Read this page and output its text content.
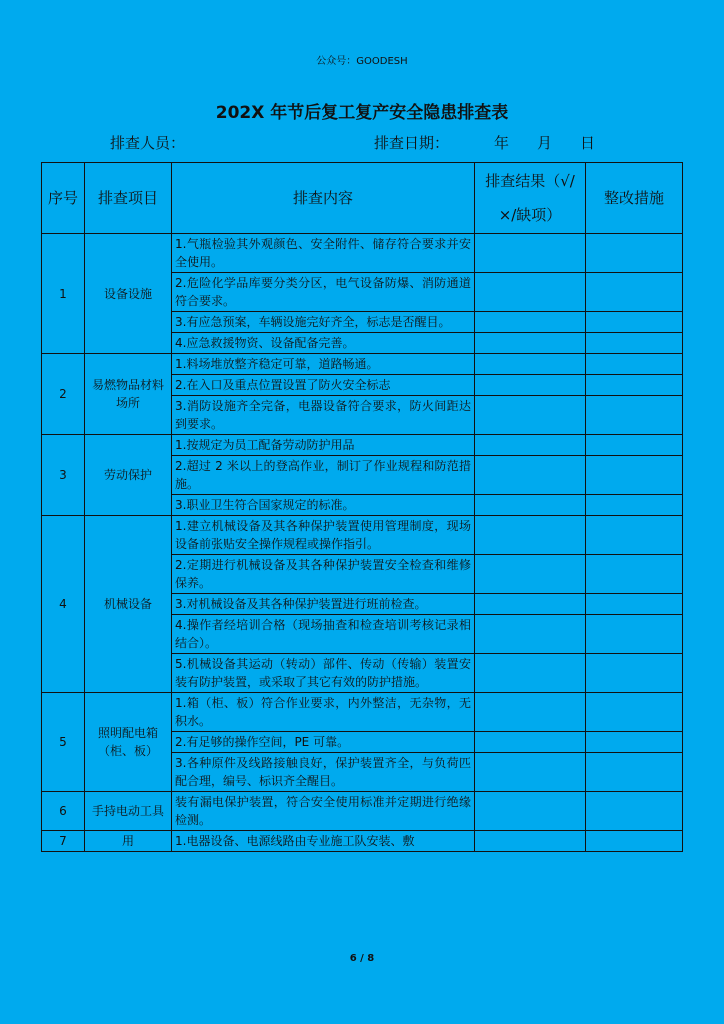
公众号：GOODESH
202X 年节后复工复产安全隐患排查表
排查人员：	排查日期：	年 月 日
序号	排查项目	排查内容	排查结果（√/×/缺项）	整改措施
1	设备设施	1.气瓶检验其外观颜色、安全附件、储存符合要求并安全使用。		
		2.危险化学品库要分类分区，电气设备防爆、消防通道符合要求。		
		3.有应急预案，车辆设施完好齐全，标志是否醒目。		
		4.应急救援物资、设备配备完善。		
2	易燃物品材料场所	1.料场堆放整齐稳定可靠，道路畅通。		
		2.在入口及重点位置设置了防火安全标志		
		3.消防设施齐全完备，电器设备符合要求，防火间距达到要求。		
3	劳动保护	1.按规定为员工配备劳动防护用品		
		2.超过 2 米以上的登高作业，制订了作业规程和防范措施。		
		3.职业卫生符合国家规定的标准。		
4	机械设备	1.建立机械设备及其各种保护装置使用管理制度，现场设备前张贴安全操作规程或操作指引。		
		2.定期进行机械设备及其各种保护装置安全检查和维修保养。		
		3.对机械设备及其各种保护装置进行班前检查。		
		4.操作者经培训合格（现场抽查和检查培训考核记录相结合）。		
		5.机械设备其运动（转动）部件、传动（传输）装置安装有防护装置，或采取了其它有效的防护措施。		
5	照明配电箱（柜、板）	1.箱（柜、板）符合作业要求，内外整洁，无杂物，无积水。		
		2.有足够的操作空间，PE 可靠。		
		3.各种原件及线路接触良好，保护装置齐全，与负荷匹配合理，编号、标识齐全醒目。		
6	手持电动工具	装有漏电保护装置，符合安全使用标准并定期进行绝缘检测。		
7	用	1.电器设备、电源线路由专业施工队安装、敷		
6 / 8
